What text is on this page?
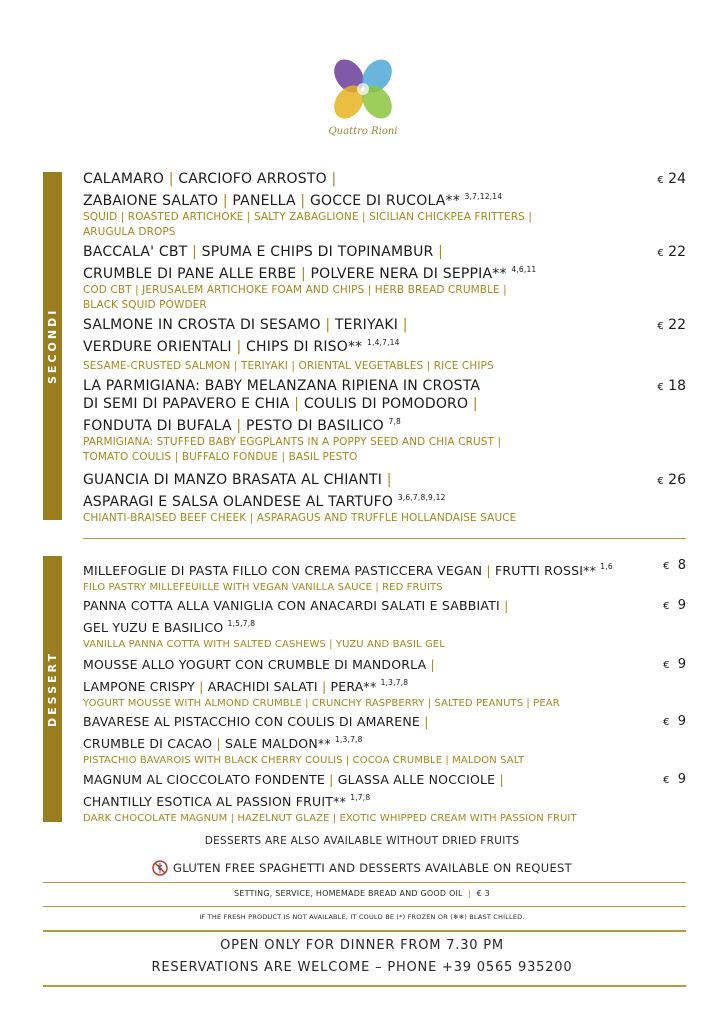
Quattro Rioni
SECONDI
DESSERT
CALAMARO | CARCIOFO ARROSTO |
ZABAIONE SALATO | PANELLA | GOCCE DI RUCOLA** $^{3,7,12,14}$
SQUID | ROASTED ARTICHOKE | SALTY ZABAGLIONE | SICILIAN CHICKPEA FRITTERS |
ARUGULA DROPS
€ 24
BACCALA' CBT | SPUMA E CHIPS DI TOPINAMBUR |
CRUMBLE DI PANE ALLE ERBE | POLVERE NERA DI SEPPIA** $^{4,6,11}$
COD CBT | JERUSALEM ARTICHOKE FOAM AND CHIPS | HERB BREAD CRUMBLE |
BLACK SQUID POWDER
€ 22
SALMONE IN CROSTA DI SESAMO | TERIYAKI |
VERDURE ORIENTALI | CHIPS DI RISO** $^{1,4,7,14}$
SESAME-CRUSTED SALMON | TERIYAKI | ORIENTAL VEGETABLES | RICE CHIPS
€ 22
LA PARMIGIANA: BABY MELANZANA RIPIENA IN CROSTA
DI SEMI DI PAPAVERO E CHIA | COULIS DI POMODORO |
FONDUTA DI BUFALA | PESTO DI BASILICO $^{7,8}$
PARMIGIANA: STUFFED BABY EGGPLANTS IN A POPPY SEED AND CHIA CRUST |
TOMATO COULIS | BUFFALO FONDUE | BASIL PESTO
€ 18
GUANCIA DI MANZO BRASATA AL CHIANTI |
ASPARAGI E SALSA OLANDESE AL TARTUFO $^{3,6,7,8,9,12}$
CHIANTI-BRAISED BEEF CHEEK | ASPARAGUS AND TRUFFLE HOLLANDAISE SAUCE
€ 26
MILLEFOGLIE DI PASTA FILLO CON CREMA PASTICCERA VEGAN | FRUTTI ROSSI** $^{1,6}$
FILO PASTRY MILLEFEUILLE WITH VEGAN VANILLA SAUCE | RED FRUITS
€ 8
PANNA COTTA ALLA VANIGLIA CON ANACARDI SALATI E SABBIATI |
GEL YUZU E BASILICO $^{1,5,7,8}$
VANILLA PANNA COTTA WITH SALTED CASHEWS | YUZU AND BASIL GEL
€ 9
MOUSSE ALLO YOGURT CON CRUMBLE DI MANDORLA |
LAMPONE CRISPY | ARACHIDI SALATI | PERA** $^{1,3,7,8}$
YOGURT MOUSSE WITH ALMOND CRUMBLE | CRUNCHY RASPBERRY | SALTED PEANUTS | PEAR
€ 9
BAVARESE AL PISTACCHIO CON COULIS DI AMARENE |
CRUMBLE DI CACAO | SALE MALDON** $^{1,3,7,8}$
PISTACHIO BAVAROIS WITH BLACK CHERRY COULIS | COCOA CRUMBLE | MALDON SALT
€ 9
MAGNUM AL CIOCCOLATO FONDENTE | GLASSA ALLE NOCCIOLE |
CHANTILLY ESOTICA AL PASSION FRUIT** $^{1,7,8}$
DARK CHOCOLATE MAGNUM | HAZELNUT GLAZE | EXOTIC WHIPPED CREAM WITH PASSION FRUIT
€ 9
DESSERTS ARE ALSO AVAILABLE WITHOUT DRIED FRUITS
GLUTEN FREE SPAGHETTI AND DESSERTS AVAILABLE ON REQUEST
SETTING, SERVICE, HOMEMADE BREAD AND GOOD OIL | € 3
IF THE FRESH PRODUCT IS NOT AVAILABLE, IT COULD BE (*) FROZEN OR (❄❄) BLAST CHILLED.
OPEN ONLY FOR DINNER FROM 7.30 PM
RESERVATIONS ARE WELCOME – PHONE +39 0565 935200
